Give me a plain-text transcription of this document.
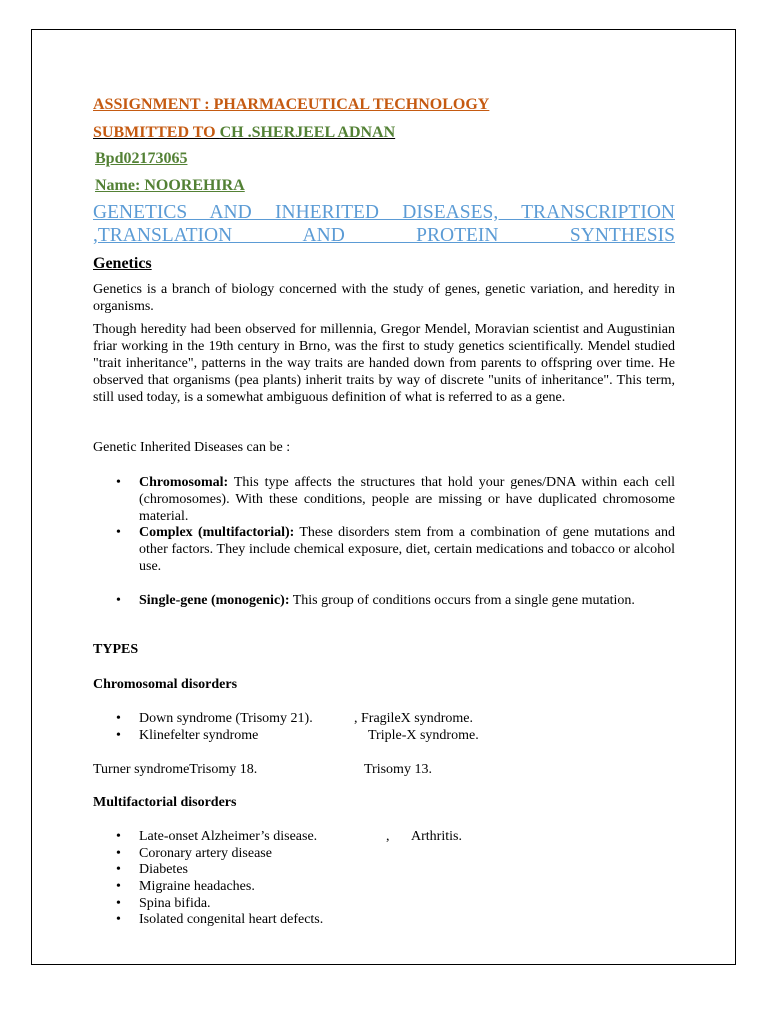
ASSIGNMENT : PHARMACEUTICAL TECHNOLOGY
SUBMITTED TO CH .SHERJEEL ADNAN
Bpd02173065
Name: NOOREHIRA
GENETICS AND INHERITED DISEASES, TRANSCRIPTION
,TRANSLATION AND PROTEIN SYNTHESIS
Genetics

Genetics is a branch of biology concerned with the study of genes, genetic variation, and heredity in organisms.

Though heredity had been observed for millennia, Gregor Mendel, Moravian scientist and Augustinian friar working in the 19th century in Brno, was the first to study genetics scientifically. Mendel studied "trait inheritance", patterns in the way traits are handed down from parents to offspring over time. He observed that organisms (pea plants) inherit traits by way of discrete "units of inheritance". This term, still used today, is a somewhat ambiguous definition of what is referred to as a gene.

Genetic Inherited Diseases can be :

• Chromosomal: This type affects the structures that hold your genes/DNA within each cell (chromosomes). With these conditions, people are missing or have duplicated chromosome material.

• Complex (multifactorial): These disorders stem from a combination of gene mutations and other factors. They include chemical exposure, diet, certain medications and tobacco or alcohol use.

• Single-gene (monogenic): This group of conditions occurs from a single gene mutation.

TYPES
Chromosomal disorders
• Down syndrome (Trisomy 21).	, FragileX syndrome.
• Klinefelter syndrome	Triple-X syndrome.
Turner syndromeTrisomy 18.	Trisomy 13.
Multifactorial disorders
• Late-onset Alzheimer’s disease.	, Arthritis.
• Coronary artery disease
• Diabetes
• Migraine headaches.
• Spina bifida.
• Isolated congenital heart defects.
